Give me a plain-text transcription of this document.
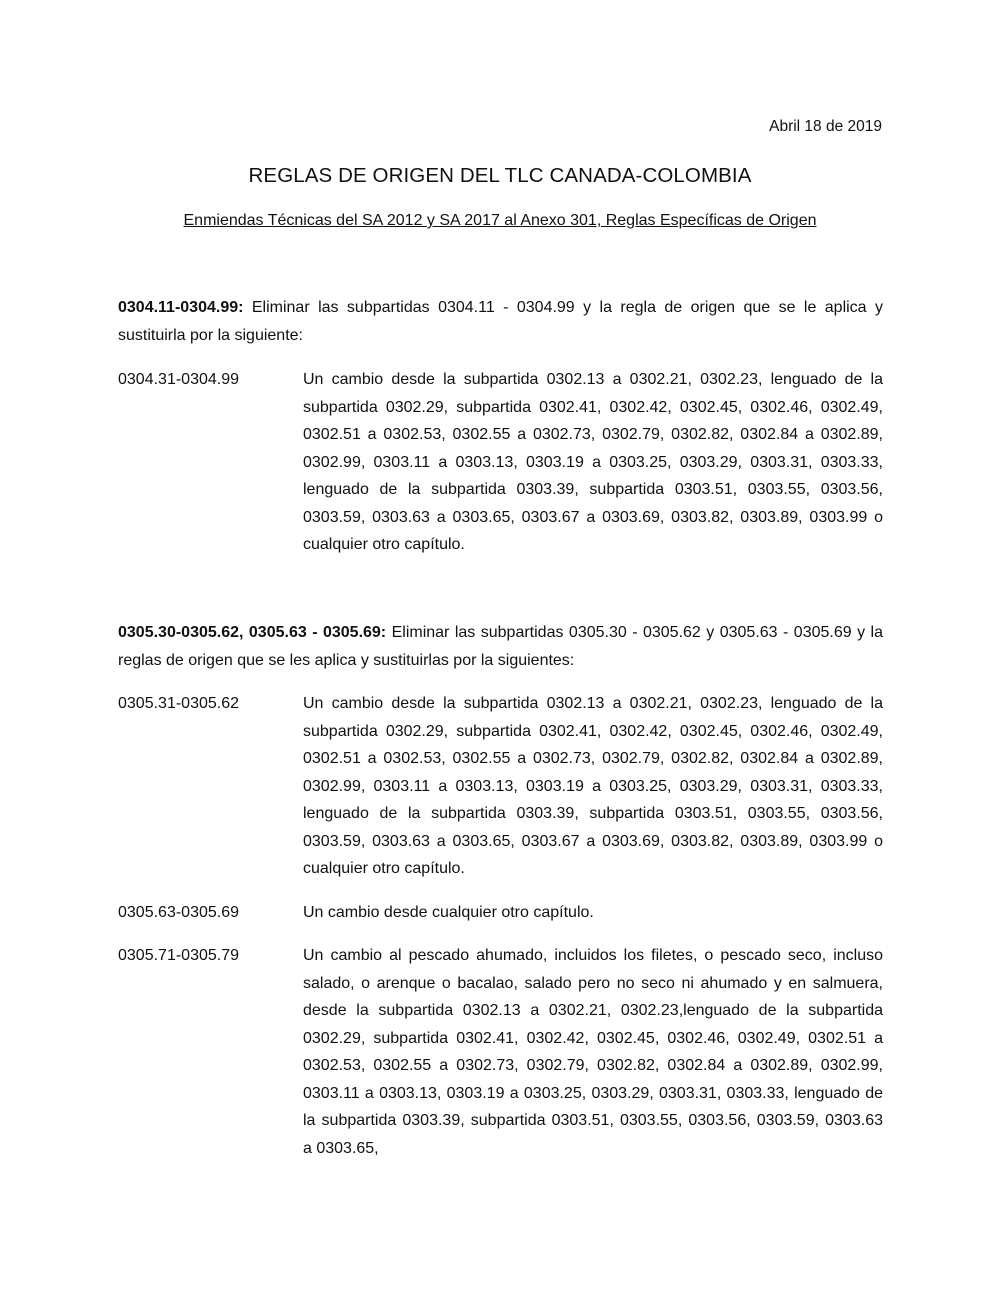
Abril 18 de 2019
REGLAS DE ORIGEN DEL TLC CANADA-COLOMBIA
Enmiendas Técnicas del SA 2012 y SA 2017 al Anexo 301, Reglas Específicas de Origen
0304.11-0304.99: Eliminar las subpartidas 0304.11 - 0304.99 y la regla de origen que se le aplica y sustituirla por la siguiente:
0304.31-0304.99	Un cambio desde la subpartida 0302.13 a 0302.21, 0302.23, lenguado de la subpartida 0302.29, subpartida 0302.41, 0302.42, 0302.45, 0302.46, 0302.49, 0302.51 a 0302.53, 0302.55 a 0302.73, 0302.79, 0302.82, 0302.84 a 0302.89, 0302.99, 0303.11 a 0303.13, 0303.19 a 0303.25, 0303.29, 0303.31, 0303.33, lenguado de la subpartida 0303.39, subpartida 0303.51, 0303.55, 0303.56, 0303.59, 0303.63 a 0303.65, 0303.67 a 0303.69, 0303.82, 0303.89, 0303.99 o cualquier otro capítulo.
0305.30-0305.62, 0305.63 - 0305.69: Eliminar las subpartidas 0305.30 - 0305.62 y 0305.63 - 0305.69 y la reglas de origen que se les aplica y sustituirlas por la siguientes:
0305.31-0305.62	Un cambio desde la subpartida 0302.13 a 0302.21, 0302.23, lenguado de la subpartida 0302.29, subpartida 0302.41, 0302.42, 0302.45, 0302.46, 0302.49, 0302.51 a 0302.53, 0302.55 a 0302.73, 0302.79, 0302.82, 0302.84 a 0302.89, 0302.99, 0303.11 a 0303.13, 0303.19 a 0303.25, 0303.29, 0303.31, 0303.33, lenguado de la subpartida 0303.39, subpartida 0303.51, 0303.55, 0303.56, 0303.59, 0303.63 a 0303.65, 0303.67 a 0303.69, 0303.82, 0303.89, 0303.99 o cualquier otro capítulo.
0305.63-0305.69	Un cambio desde cualquier otro capítulo.
0305.71-0305.79	Un cambio al pescado ahumado, incluidos los filetes, o pescado seco, incluso salado, o arenque o bacalao, salado pero no seco ni ahumado y en salmuera, desde la subpartida 0302.13 a 0302.21, 0302.23,lenguado de la subpartida 0302.29, subpartida 0302.41, 0302.42, 0302.45, 0302.46, 0302.49, 0302.51 a 0302.53, 0302.55 a 0302.73, 0302.79, 0302.82, 0302.84 a 0302.89, 0302.99, 0303.11 a 0303.13, 0303.19 a 0303.25, 0303.29, 0303.31, 0303.33, lenguado de la subpartida 0303.39, subpartida 0303.51, 0303.55, 0303.56, 0303.59, 0303.63 a 0303.65,
